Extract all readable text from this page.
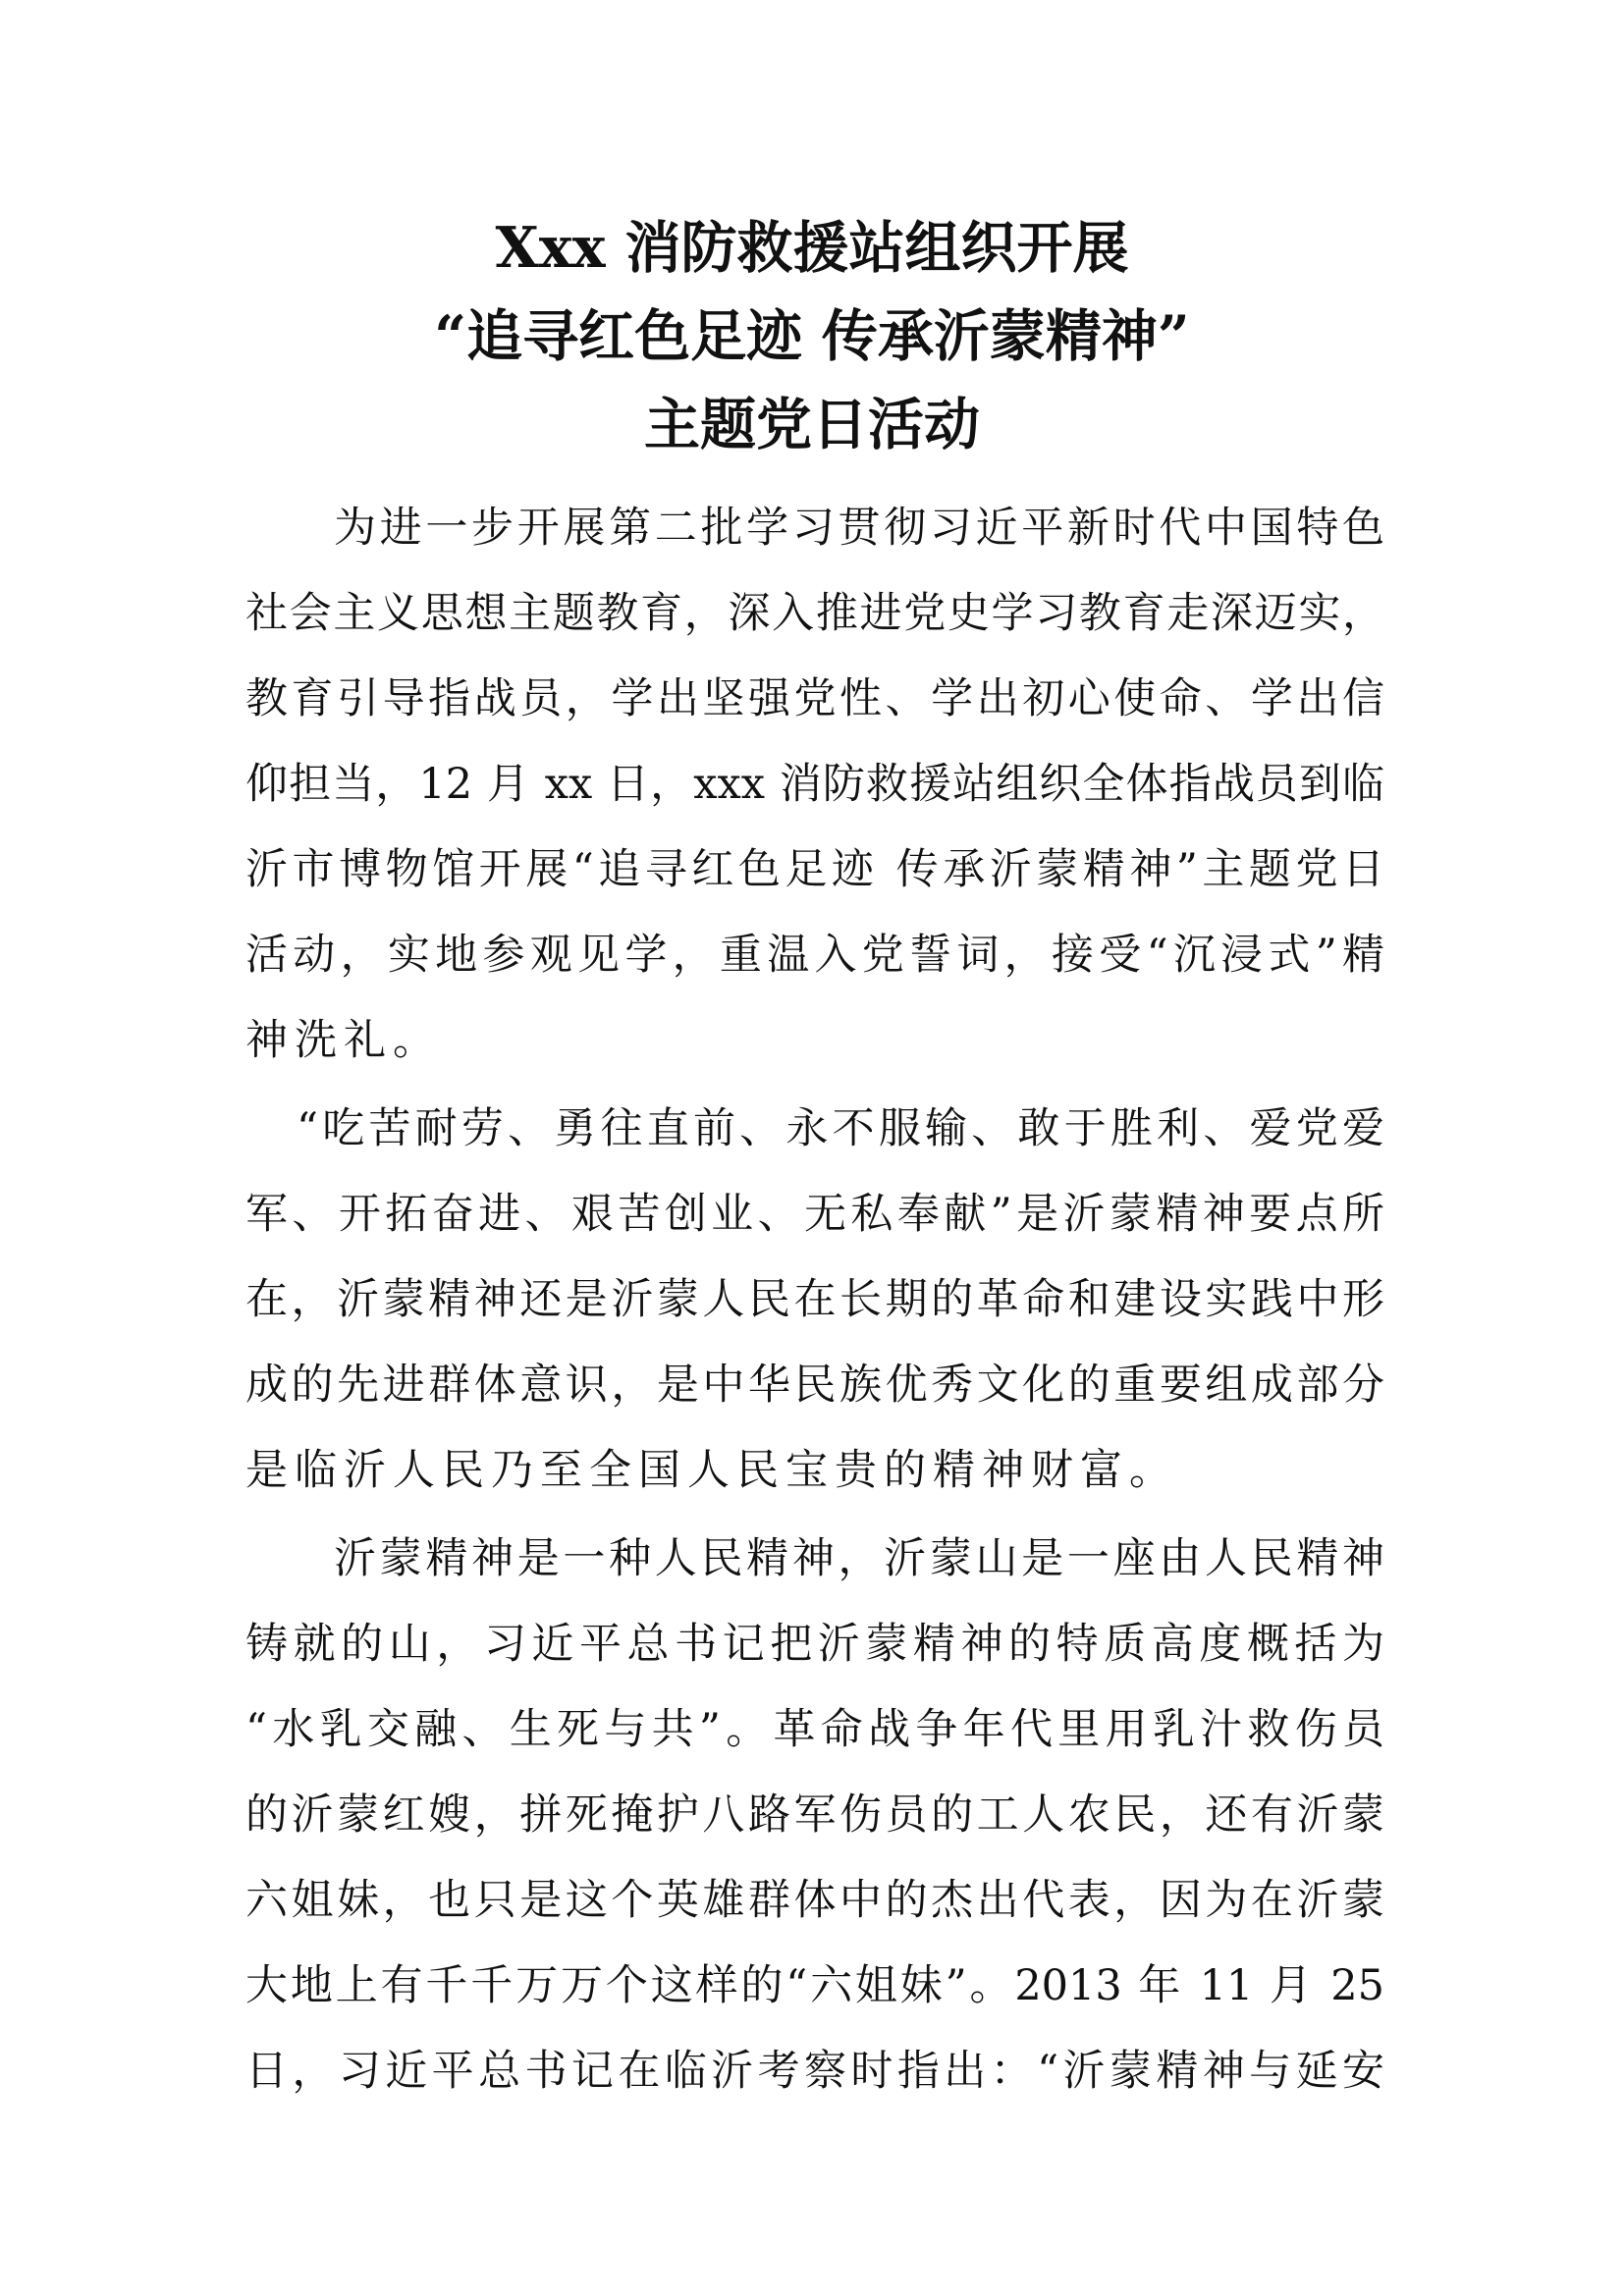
Xxx 消防救援站组织开展
“追寻红色足迹 传承沂蒙精神”
主题党日活动
为进一步开展第二批学习贯彻习近平新时代中国特色
社会主义思想主题教育，深入推进党史学习教育走深迈实，
教育引导指战员，学出坚强党性、学出初心使命、学出信
仰担当，12 月 xx 日，xxx 消防救援站组织全体指战员到临
沂市博物馆开展“追寻红色足迹 传承沂蒙精神”主题党日
活动，实地参观见学，重温入党誓词，接受“沉浸式”精
神洗礼。
“吃苦耐劳、勇往直前、永不服输、敢于胜利、爱党爱
军、开拓奋进、艰苦创业、无私奉献”是沂蒙精神要点所
在，沂蒙精神还是沂蒙人民在长期的革命和建设实践中形
成的先进群体意识，是中华民族优秀文化的重要组成部分
是临沂人民乃至全国人民宝贵的精神财富。
沂蒙精神是一种人民精神，沂蒙山是一座由人民精神
铸就的山，习近平总书记把沂蒙精神的特质高度概括为
“水乳交融、生死与共”。革命战争年代里用乳汁救伤员
的沂蒙红嫂，拼死掩护八路军伤员的工人农民，还有沂蒙
六姐妹，也只是这个英雄群体中的杰出代表，因为在沂蒙
大地上有千千万万个这样的“六姐妹”。2013 年 11 月 25
日，习近平总书记在临沂考察时指出：“沂蒙精神与延安
